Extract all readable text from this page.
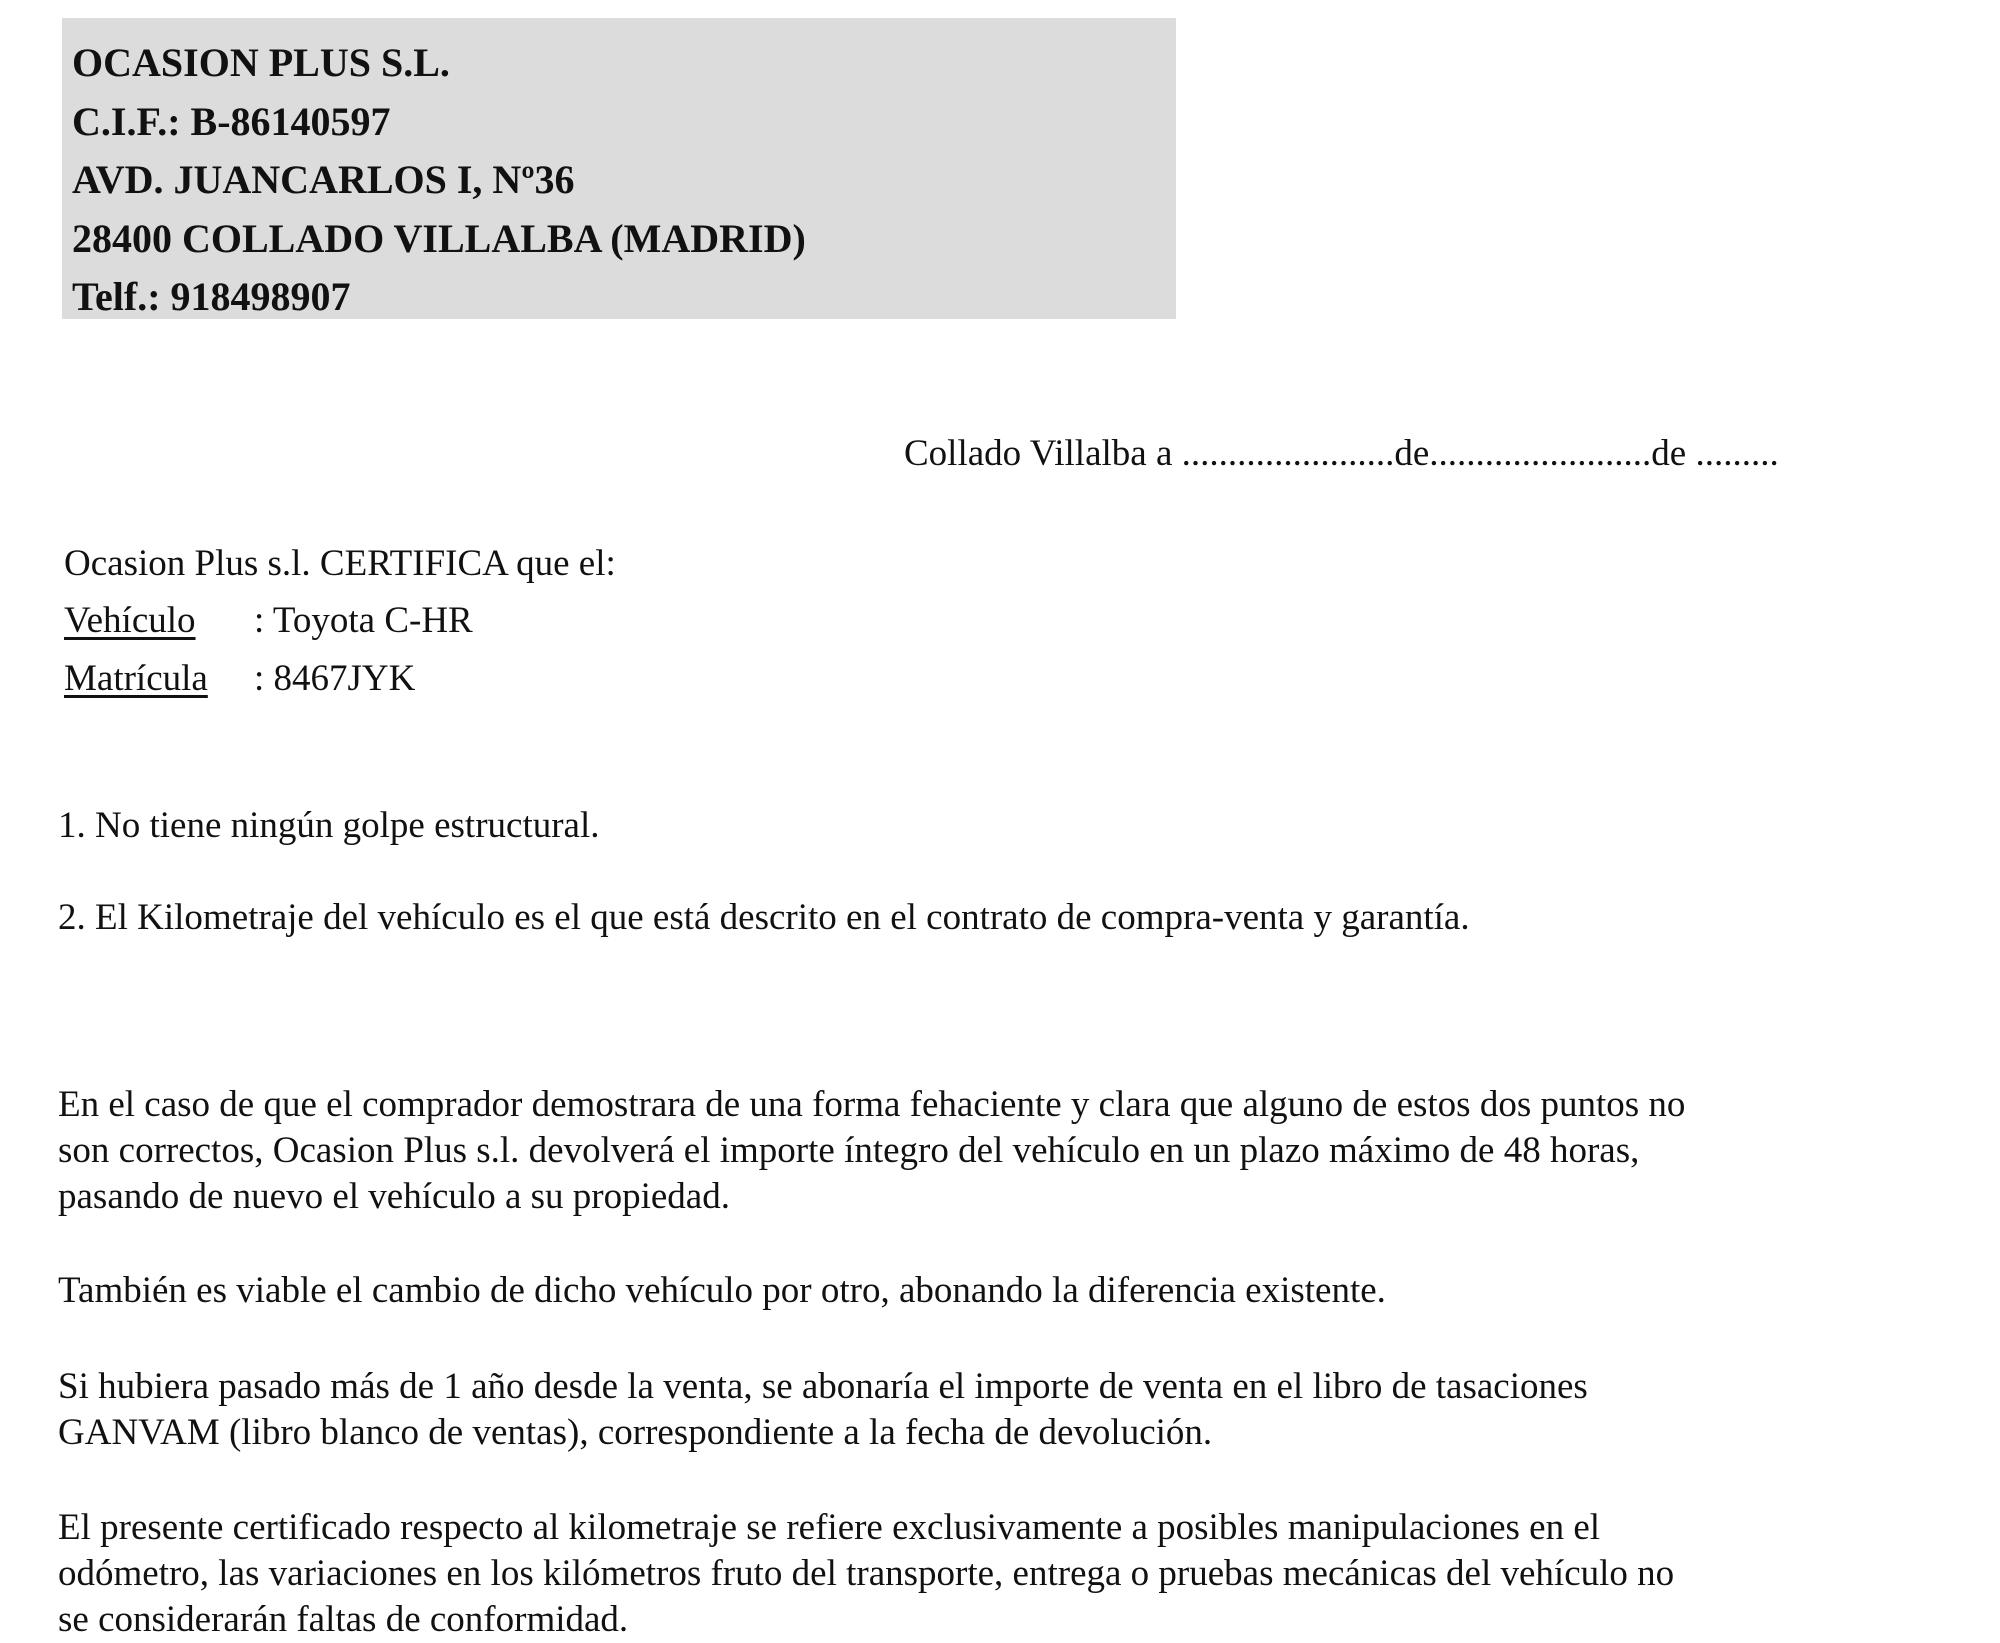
OCASION PLUS S.L.
C.I.F.: B-86140597
AVD. JUANCARLOS I, Nº36
28400 COLLADO VILLALBA (MADRID)
Telf.: 918498907
Collado Villalba a .......................de........................de .........
Ocasion Plus s.l. CERTIFICA que el:
Vehículo : Toyota C-HR
Matrícula : 8467JYK
1. No tiene ningún golpe estructural.
2. El Kilometraje del vehículo es el que está descrito en el contrato de compra-venta y garantía.
En el caso de que el comprador demostrara de una forma fehaciente y clara que alguno de estos dos puntos no
son correctos, Ocasion Plus s.l. devolverá el importe íntegro del vehículo en un plazo máximo de 48 horas,
pasando de nuevo el vehículo a su propiedad.
También es viable el cambio de dicho vehículo por otro, abonando la diferencia existente.
Si hubiera pasado más de 1 año desde la venta, se abonaría el importe de venta en el libro de tasaciones
GANVAM (libro blanco de ventas), correspondiente a la fecha de devolución.
El presente certificado respecto al kilometraje se refiere exclusivamente a posibles manipulaciones en el
odómetro, las variaciones en los kilómetros fruto del transporte, entrega o pruebas mecánicas del vehículo no
se considerarán faltas de conformidad.
